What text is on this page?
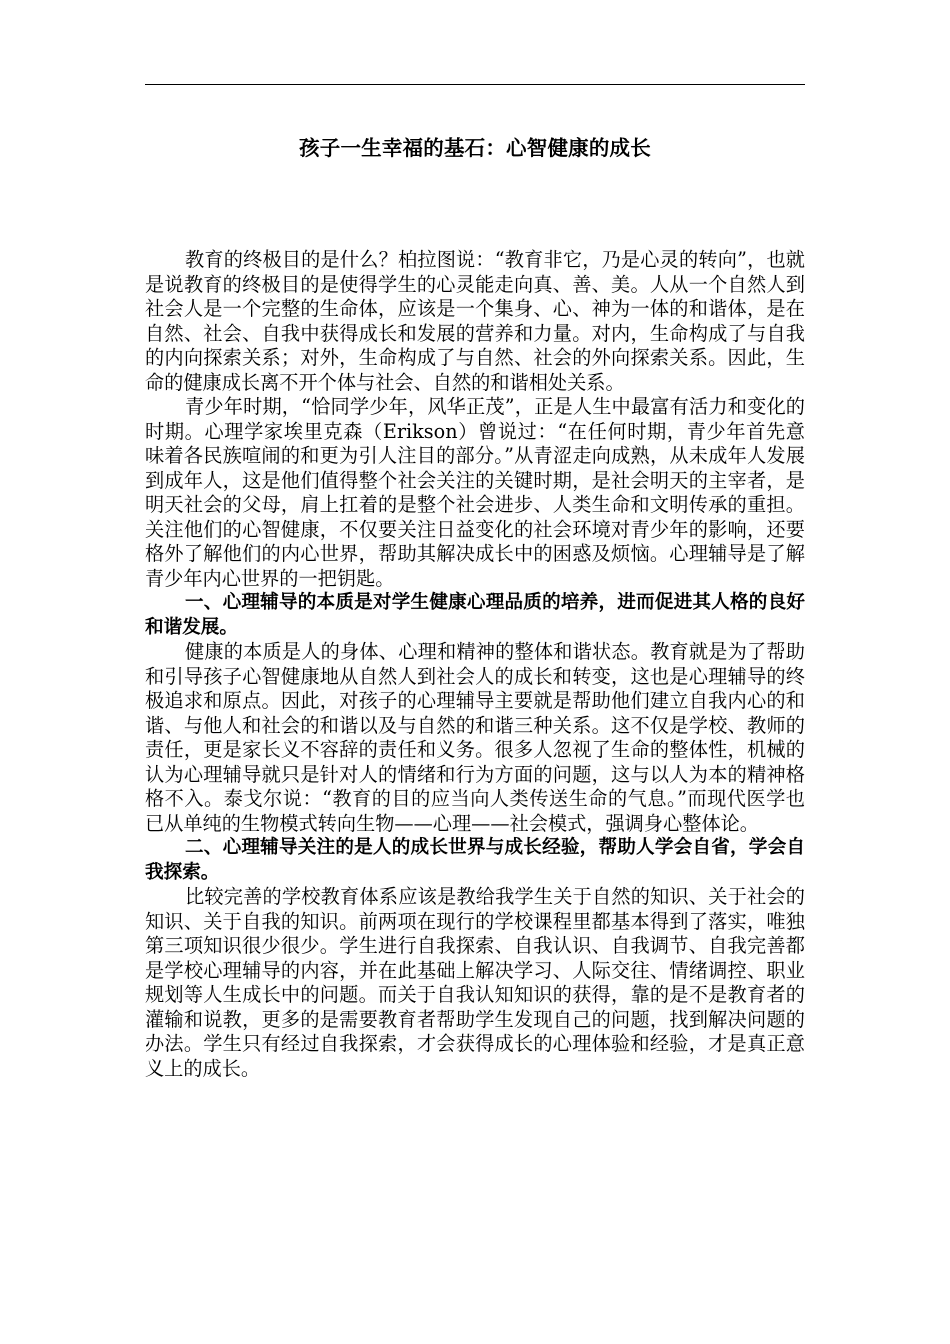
孩子一生幸福的基石：心智健康的成长

教育的终极目的是什么？柏拉图说：“教育非它，乃是心灵的转向”，也就是说教育的终极目的是使得学生的心灵能走向真、善、美。人从一个自然人到社会人是一个完整的生命体，应该是一个集身、心、神为一体的和谐体，是在自然、社会、自我中获得成长和发展的营养和力量。对内，生命构成了与自我的内向探索关系；对外，生命构成了与自然、社会的外向探索关系。因此，生命的健康成长离不开个体与社会、自然的和谐相处关系。

青少年时期，“恰同学少年，风华正茂”，正是人生中最富有活力和变化的时期。心理学家埃里克森（Erikson）曾说过：“在任何时期，青少年首先意味着各民族喧闹的和更为引人注目的部分。”从青涩走向成熟，从未成年人发展到成年人，这是他们值得整个社会关注的关键时期，是社会明天的主宰者，是明天社会的父母，肩上扛着的是整个社会进步、人类生命和文明传承的重担。关注他们的心智健康，不仅要关注日益变化的社会环境对青少年的影响，还要格外了解他们的内心世界，帮助其解决成长中的困惑及烦恼。心理辅导是了解青少年内心世界的一把钥匙。

一、心理辅导的本质是对学生健康心理品质的培养，进而促进其人格的良好和谐发展。

健康的本质是人的身体、心理和精神的整体和谐状态。教育就是为了帮助和引导孩子心智健康地从自然人到社会人的成长和转变，这也是心理辅导的终极追求和原点。因此，对孩子的心理辅导主要就是帮助他们建立自我内心的和谐、与他人和社会的和谐以及与自然的和谐三种关系。这不仅是学校、教师的责任，更是家长义不容辞的责任和义务。很多人忽视了生命的整体性，机械的认为心理辅导就只是针对人的情绪和行为方面的问题，这与以人为本的精神格格不入。泰戈尔说：“教育的目的应当向人类传送生命的气息。”而现代医学也已从单纯的生物模式转向生物——心理——社会模式，强调身心整体论。

二、心理辅导关注的是人的成长世界与成长经验，帮助人学会自省，学会自我探索。

比较完善的学校教育体系应该是教给我学生关于自然的知识、关于社会的知识、关于自我的知识。前两项在现行的学校课程里都基本得到了落实，唯独第三项知识很少很少。学生进行自我探索、自我认识、自我调节、自我完善都是学校心理辅导的内容，并在此基础上解决学习、人际交往、情绪调控、职业规划等人生成长中的问题。而关于自我认知知识的获得，靠的是不是教育者的灌输和说教，更多的是需要教育者帮助学生发现自己的问题，找到解决问题的办法。学生只有经过自我探索，才会获得成长的心理体验和经验，才是真正意义上的成长。
